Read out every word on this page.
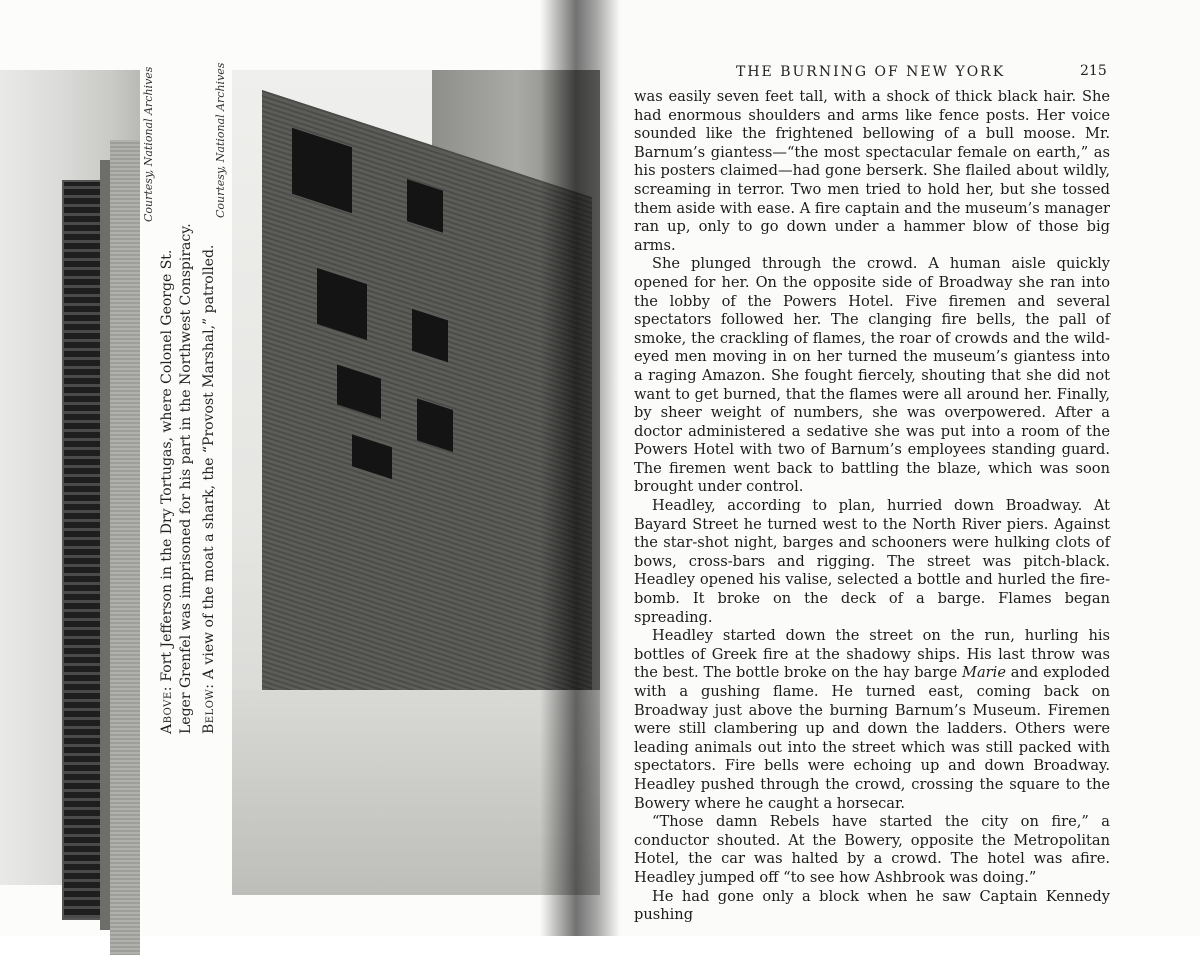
Courtesy, National Archives	Courtesy, National Archives
Above: Fort Jefferson in the Dry Tortugas, where Colonel George St. Leger Grenfel was imprisoned for his part in the Northwest Conspiracy. Below: A view of the moat a shark, the “Provost Marshal,” patrolled.
THE BURNING OF NEW YORK	215

was easily seven feet tall, with a shock of thick black hair. She had enormous shoulders and arms like fence posts. Her voice sounded like the frightened bellowing of a bull moose. Mr. Barnum’s giantess—“the most spectacular female on earth,” as his posters claimed—had gone berserk. She flailed about wildly, screaming in terror. Two men tried to hold her, but she tossed them aside with ease. A fire captain and the museum’s manager ran up, only to go down under a hammer blow of those big arms.

She plunged through the crowd. A human aisle quickly opened for her. On the opposite side of Broadway she ran into the lobby of the Powers Hotel. Five firemen and several spectators followed her. The clanging fire bells, the pall of smoke, the crackling of flames, the roar of crowds and the wild-eyed men moving in on her turned the museum’s giantess into a raging Amazon. She fought fiercely, shouting that she did not want to get burned, that the flames were all around her. Finally, by sheer weight of numbers, she was overpowered. After a doctor administered a sedative she was put into a room of the Powers Hotel with two of Barnum’s employees standing guard. The firemen went back to battling the blaze, which was soon brought under control.

Headley, according to plan, hurried down Broadway. At Bayard Street he turned west to the North River piers. Against the star-shot night, barges and schooners were hulking clots of bows, cross-bars and rigging. The street was pitch-black. Headley opened his valise, selected a bottle and hurled the fire-bomb. It broke on the deck of a barge. Flames began spreading.

Headley started down the street on the run, hurling his bottles of Greek fire at the shadowy ships. His last throw was the best. The bottle broke on the hay barge Marie and exploded with a gushing flame. He turned east, coming back on Broadway just above the burning Barnum’s Museum. Firemen were still clambering up and down the ladders. Others were leading animals out into the street which was still packed with spectators. Fire bells were echoing up and down Broadway. Headley pushed through the crowd, crossing the square to the Bowery where he caught a horsecar.

“Those damn Rebels have started the city on fire,” a conductor shouted. At the Bowery, opposite the Metropolitan Hotel, the car was halted by a crowd. The hotel was afire. Headley jumped off “to see how Ashbrook was doing.”

He had gone only a block when he saw Captain Kennedy pushing
